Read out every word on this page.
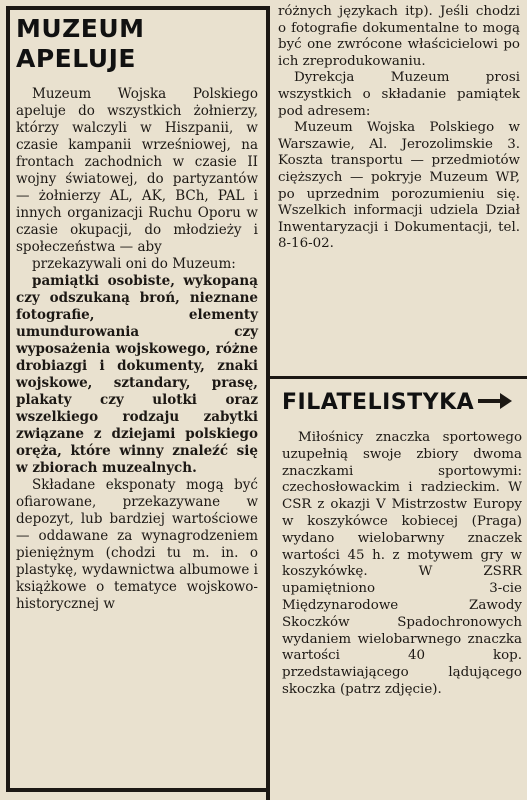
MUZEUM APELUJE

Muzeum Wojska Polskiego apeluje do wszystkich żołnierzy, którzy walczyli w Hiszpanii, w czasie kampanii wrześniowej, na frontach zachodnich w czasie II wojny światowej, do partyzantów — żołnierzy AL, AK, BCh, PAL i innych organizacji Ruchu Oporu w czasie okupacji, do młodzieży i społeczeństwa — aby

przekazywali oni do Muzeum:

pamiątki osobiste, wykopaną czy odszukaną broń, nieznane fotografie, elementy umundurowania czy wyposażenia wojskowego, różne drobiazgi i dokumenty, znaki wojskowe, sztandary, prasę, plakaty czy ulotki oraz wszelkiego rodzaju zabytki związane z dziejami polskiego oręża, które winny znaleźć się w zbiorach muzealnych.

Składane eksponaty mogą być ofiarowane, przekazywane w depozyt, lub bardziej wartościowe — oddawane za wynagrodzeniem pieniężnym (chodzi tu m. in. o plastykę, wydawnictwa albumowe i książkowe o tematyce wojskowo-historycznej w

różnych językach itp). Jeśli chodzi o fotografie dokumentalne to mogą być one zwrócone właścicielowi po ich zreprodukowaniu.

Dyrekcja Muzeum prosi wszystkich o składanie pamiątek pod adresem:

Muzeum Wojska Polskiego w Warszawie, Al. Jerozolimskie 3. Koszta transportu — przedmiotów cięższych — pokryje Muzeum WP, po uprzednim porozumieniu się. Wszelkich informacji udziela Dział Inwentaryzacji i Dokumentacji, tel. 8-16-02.

FILATELISTYKA

Miłośnicy znaczka sportowego uzupełnią swoje zbiory dwoma znaczkami sportowymi: czechosłowackim i radzieckim. W CSR z okazji V Mistrzostw Europy w koszykówce kobiecej (Praga) wydano wielobarwny znaczek wartości 45 h. z motywem gry w koszykówkę. W ZSRR upamiętniono 3-cie Międzynarodowe Zawody Skoczków Spadochronowych wydaniem wielobarwnego znaczka wartości 40 kop. przedstawiającego lądującego skoczka (patrz zdjęcie).
